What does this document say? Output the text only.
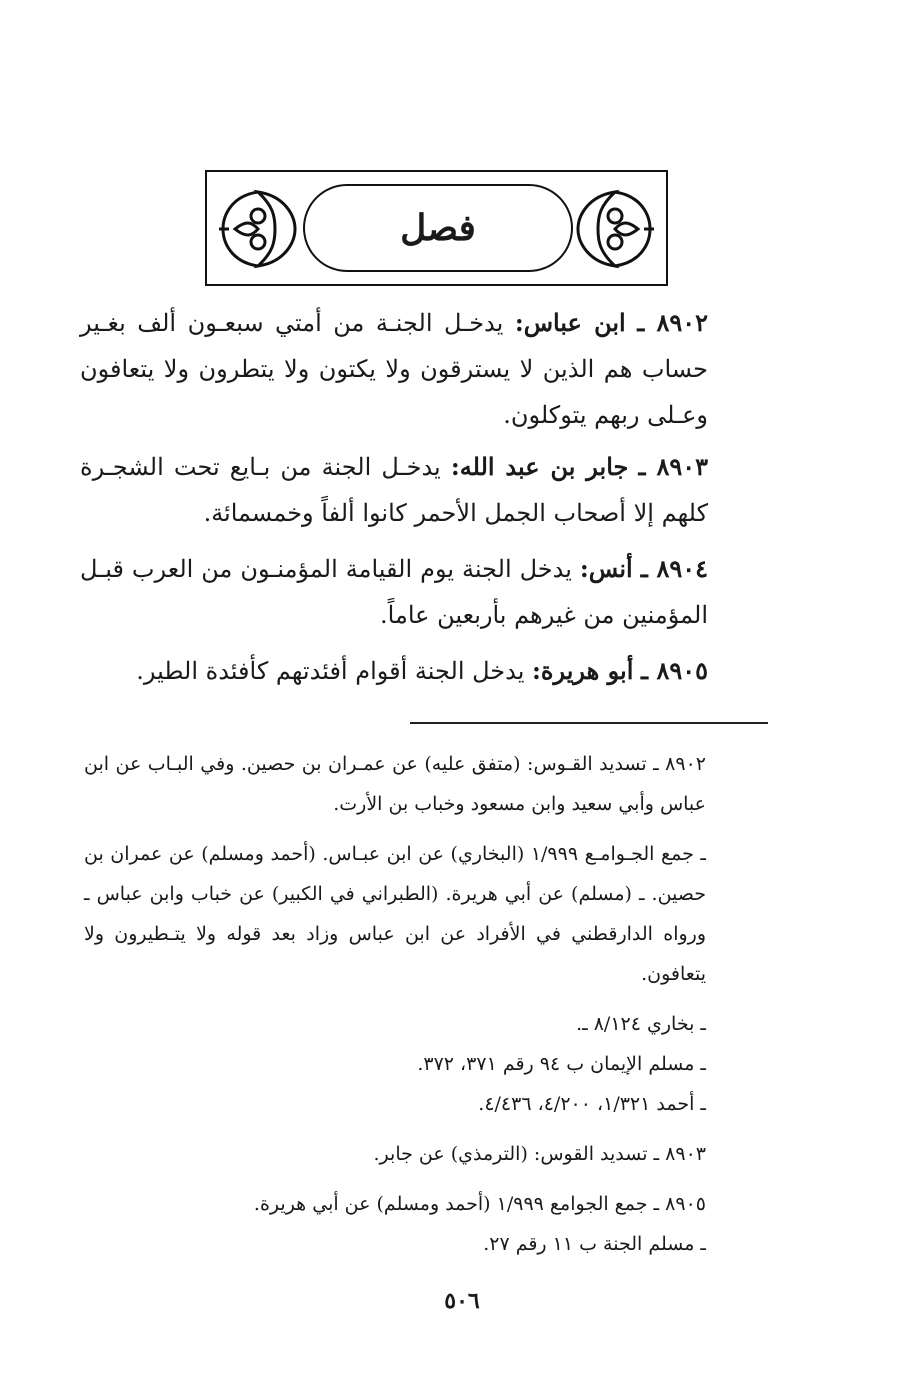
فصل
٨٩٠٢ ـ ابن عباس: يدخـل الجنـة من أمتي سبعـون ألف بغـير حساب هم الذين لا يسترقون ولا يكتون ولا يتطرون ولا يتعافون وعـلى ربهم يتوكلون.
٨٩٠٣ ـ جابر بن عبد الله: يدخـل الجنة من بـايع تحت الشجـرة كلهم إلا أصحاب الجمل الأحمر كانوا ألفاً وخمسمائة.
٨٩٠٤ ـ أنس: يدخل الجنة يوم القيامة المؤمنـون من العرب قبـل المؤمنين من غيرهم بأربعين عاماً.
٨٩٠٥ ـ أبو هريرة: يدخل الجنة أقوام أفئدتهم كأفئدة الطير.

٨٩٠٢ ـ تسديد القـوس: (متفق عليه) عن عمـران بن حصين. وفي البـاب عن ابن عباس وأبي سعيد وابن مسعود وخباب بن الأرت.

ـ جمع الجـوامـع ١/٩٩٩ (البخاري) عن ابن عبـاس. (أحمد ومسلم) عن عمران بن حصين. ـ (مسلم) عن أبي هريرة. (الطبراني في الكبير) عن خباب وابن عباس ـ ورواه الدارقطني في الأفراد عن ابن عباس وزاد بعد قوله ولا يتـطيرون ولا يتعافون.

ـ بخاري ٨/١٢٤ ـ.

ـ مسلم الإيمان ب ٩٤ رقم ٣٧١، ٣٧٢.

ـ أحمد ١/٣٢١، ٤/٢٠٠، ٤/٤٣٦.

٨٩٠٣ ـ تسديد القوس: (الترمذي) عن جابر.

٨٩٠٥ ـ جمع الجوامع ١/٩٩٩ (أحمد ومسلم) عن أبي هريرة.

ـ مسلم الجنة ب ١١ رقم ٢٧.

٥٠٦
